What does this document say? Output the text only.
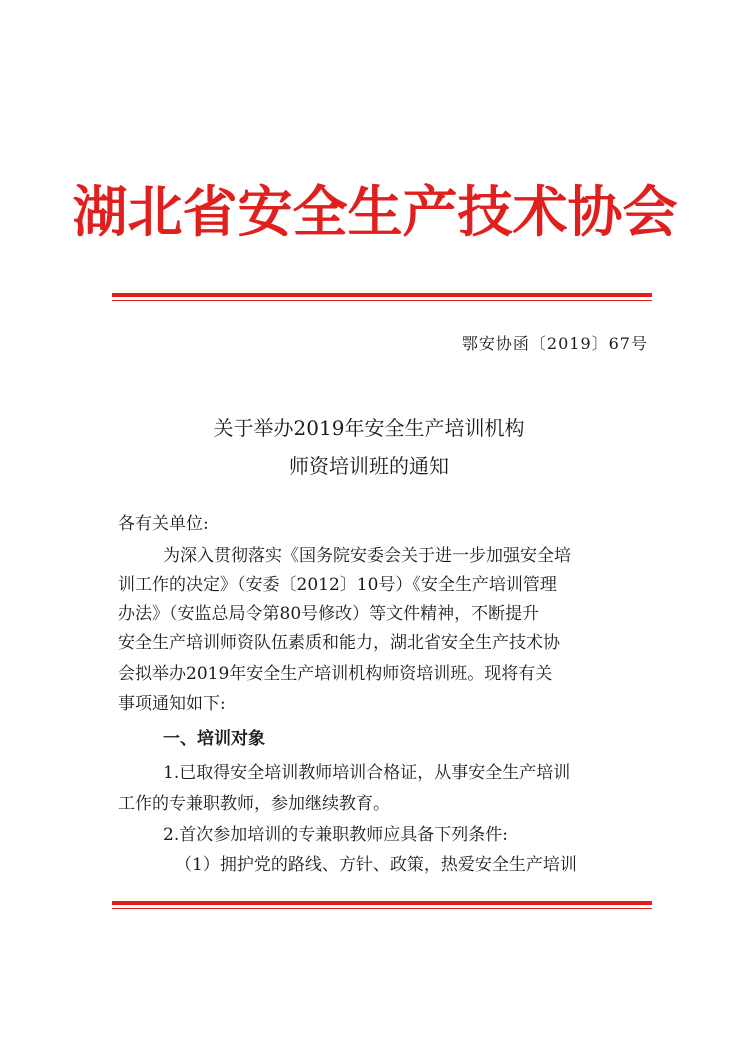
湖北省安全生产技术协会
鄂安协函〔2019〕67号
关于举办2019年安全生产培训机构
师资培训班的通知
各有关单位:
为深入贯彻落实《国务院安委会关于进一步加强安全培
训工作的决定》（安委〔2012〕10号）《安全生产培训管理
办法》（安监总局令第80号修改）等文件精神，不断提升
安全生产培训师资队伍素质和能力，湖北省安全生产技术协
会拟举办2019年安全生产培训机构师资培训班。现将有关
事项通知如下:
一、培训对象
1.已取得安全培训教师培训合格证，从事安全生产培训
工作的专兼职教师，参加继续教育。
2.首次参加培训的专兼职教师应具备下列条件:
（1）拥护党的路线、方针、政策，热爱安全生产培训
